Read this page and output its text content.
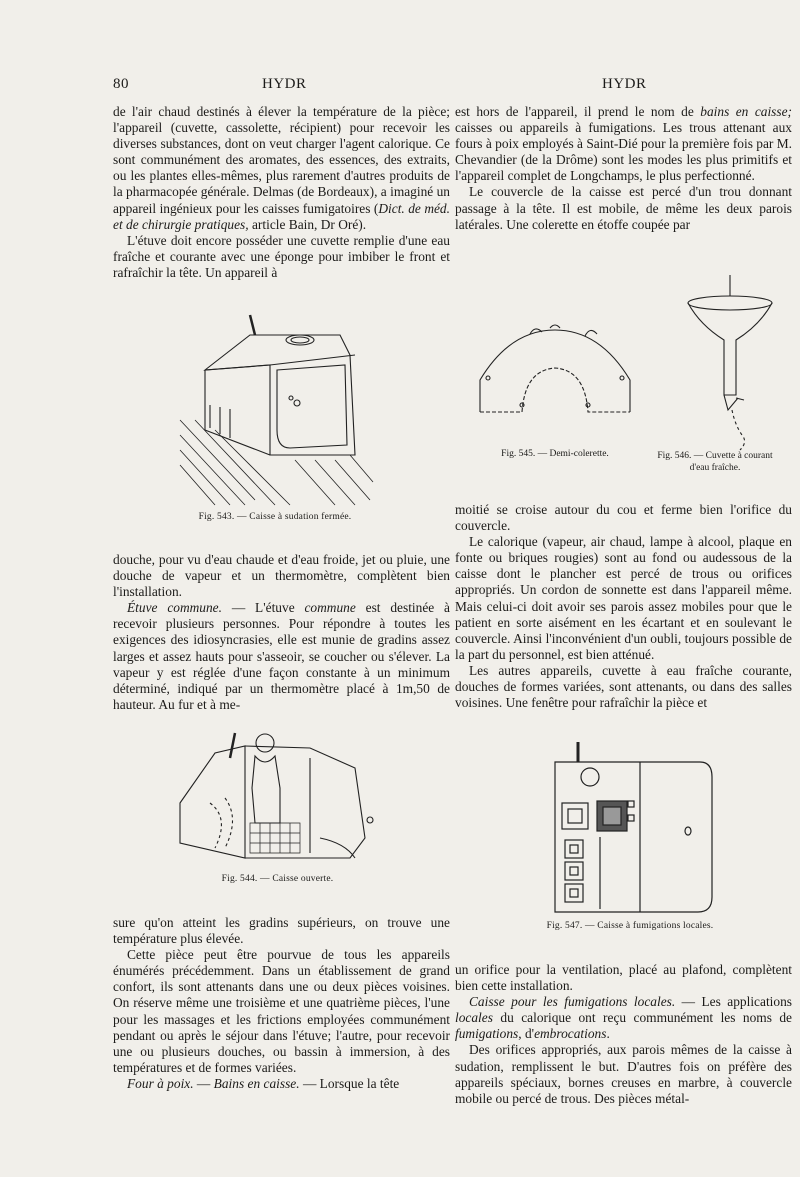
80	HYDR	HYDR

de l'air chaud destinés à élever la température de la pièce; l'appareil (cuvette, cassolette, récipient) pour recevoir les diverses substances, dont on veut charger l'agent calorique. Ce sont communément des aromates, des essences, des extraits, ou les plantes elles-mêmes, plus rarement d'autres produits de la pharmacopée générale. Delmas (de Bordeaux), a imaginé un appareil ingénieux pour les caisses fumigatoires (Dict. de méd. et de chirurgie pratiques, article Bain, Dr Oré).

L'étuve doit encore posséder une cuvette remplie d'une eau fraîche et courante avec une éponge pour imbiber le front et rafraîchir la tête. Un appareil à

Fig. 543. — Caisse à sudation fermée.

douche, pour vu d'eau chaude et d'eau froide, jet ou pluie, une douche de vapeur et un thermomètre, complètent bien l'installation.

Étuve commune. — L'étuve commune est destinée à recevoir plusieurs personnes. Pour répondre à toutes les exigences des idiosyncrasies, elle est munie de gradins assez larges et assez hauts pour s'asseoir, se coucher ou s'élever. La vapeur y est réglée d'une façon constante à un minimum déterminé, indiqué par un thermomètre placé à 1m,50 de hauteur. Au fur et à me-

Fig. 544. — Caisse ouverte.

sure qu'on atteint les gradins supérieurs, on trouve une température plus élevée.

Cette pièce peut être pourvue de tous les appareils énumérés précédemment. Dans un établissement de grand confort, ils sont attenants dans une ou deux pièces voisines. On réserve même une troisième et une quatrième pièces, l'une pour les massages et les frictions employées communément pendant ou après le séjour dans l'étuve; l'autre, pour recevoir une ou plusieurs douches, ou bassin à immersion, à des températures et de formes variées.

Four à poix. — Bains en caisse. — Lorsque la tête

est hors de l'appareil, il prend le nom de bains en caisse; caisses ou appareils à fumigations. Les trous attenant aux fours à poix employés à Saint-Dié pour la première fois par M. Chevandier (de la Drôme) sont les modes les plus primitifs et l'appareil complet de Longchamps, le plus perfectionné.

Le couvercle de la caisse est percé d'un trou donnant passage à la tête. Il est mobile, de même les deux parois latérales. Une colerette en étoffe coupée par

Fig. 545. — Demi-colerette.	Fig. 546. — Cuvette à courant
d'eau fraîche.

moitié se croise autour du cou et ferme bien l'orifice du couvercle.

Le calorique (vapeur, air chaud, lampe à alcool, plaque en fonte ou briques rougies) sont au fond ou audessous de la caisse dont le plancher est percé de trous ou orifices appropriés. Un cordon de sonnette est dans l'appareil même. Mais celui-ci doit avoir ses parois assez mobiles pour que le patient en sorte aisément en les écartant et en soulevant le couvercle. Ainsi l'inconvénient d'un oubli, toujours possible de la part du personnel, est bien atténué.

Les autres appareils, cuvette à eau fraîche courante, douches de formes variées, sont attenants, ou dans des salles voisines. Une fenêtre pour rafraîchir la pièce et

Fig. 547. — Caisse à fumigations locales.

un orifice pour la ventilation, placé au plafond, complètent bien cette installation.

Caisse pour les fumigations locales. — Les applications locales du calorique ont reçu communément les noms de fumigations, d'embrocations.

Des orifices appropriés, aux parois mêmes de la caisse à sudation, remplissent le but. D'autres fois on préfère des appareils spéciaux, bornes creuses en marbre, à couvercle mobile ou percé de trous. Des pièces métal-
